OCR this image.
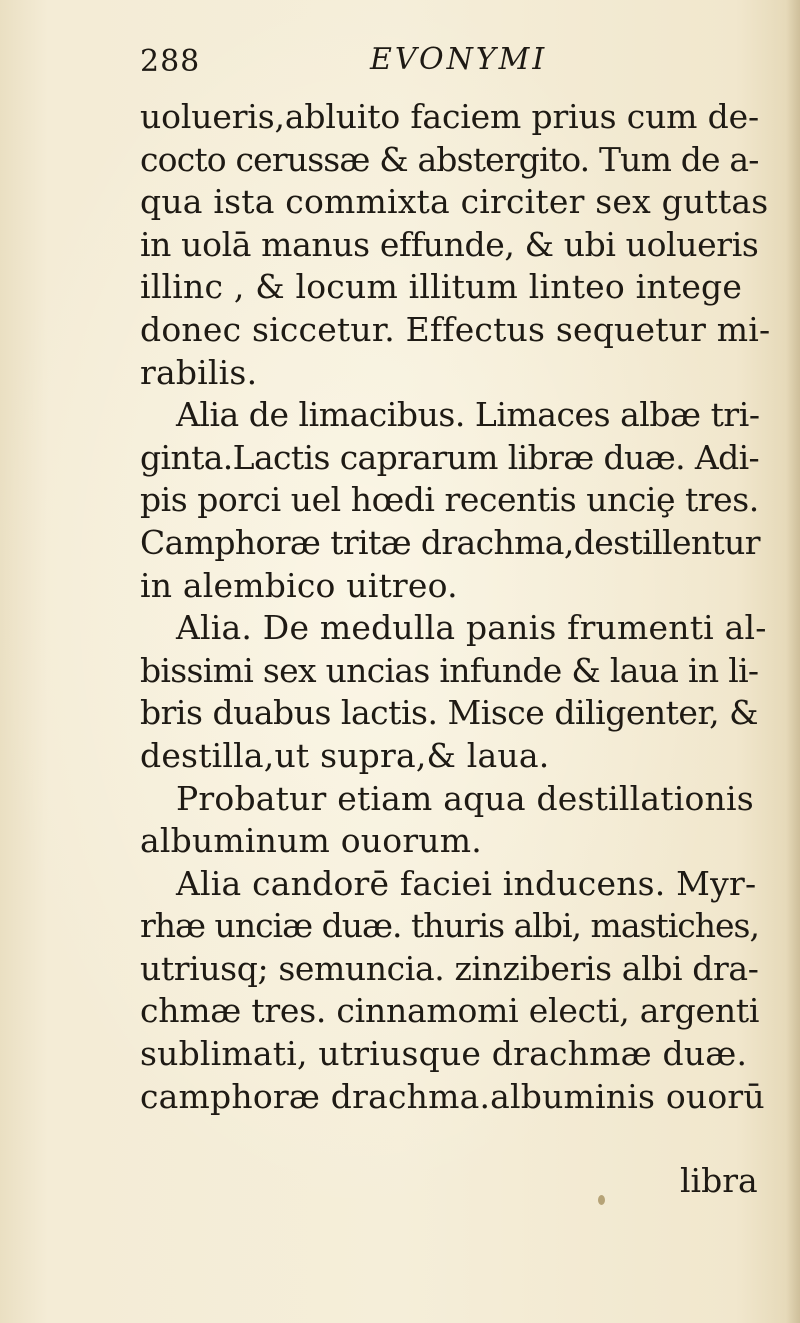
288	EVONYMI
uolueris,abluito faciem prius cum de-
cocto cerussæ & abstergito. Tum de a-
qua ista commixta circiter sex guttas
in uolā manus effunde, & ubi uolueris
illinc , & locum illitum linteo intege
donec siccetur. Effectus sequetur mi-
rabilis.
Alia de limacibus. Limaces albæ tri-
ginta.Lactis caprarum libræ duæ. Adi-
pis porci uel hœdi recentis unciȩ tres.
Camphoræ tritæ drachma,destillentur
in alembico uitreo.
Alia. De medulla panis frumenti al-
bissimi sex uncias infunde & laua in li-
bris duabus lactis. Misce diligenter, &
destilla,ut supra,& laua.
Probatur etiam aqua destillationis
albuminum ouorum.
Alia candorē faciei inducens. Myr-
rhæ unciæ duæ. thuris albi, mastiches,
utriusq; semuncia. zinziberis albi dra-
chmæ tres. cinnamomi electi, argenti
sublimati, utriusque drachmæ duæ.
camphoræ drachma.albuminis ouorū
libra
